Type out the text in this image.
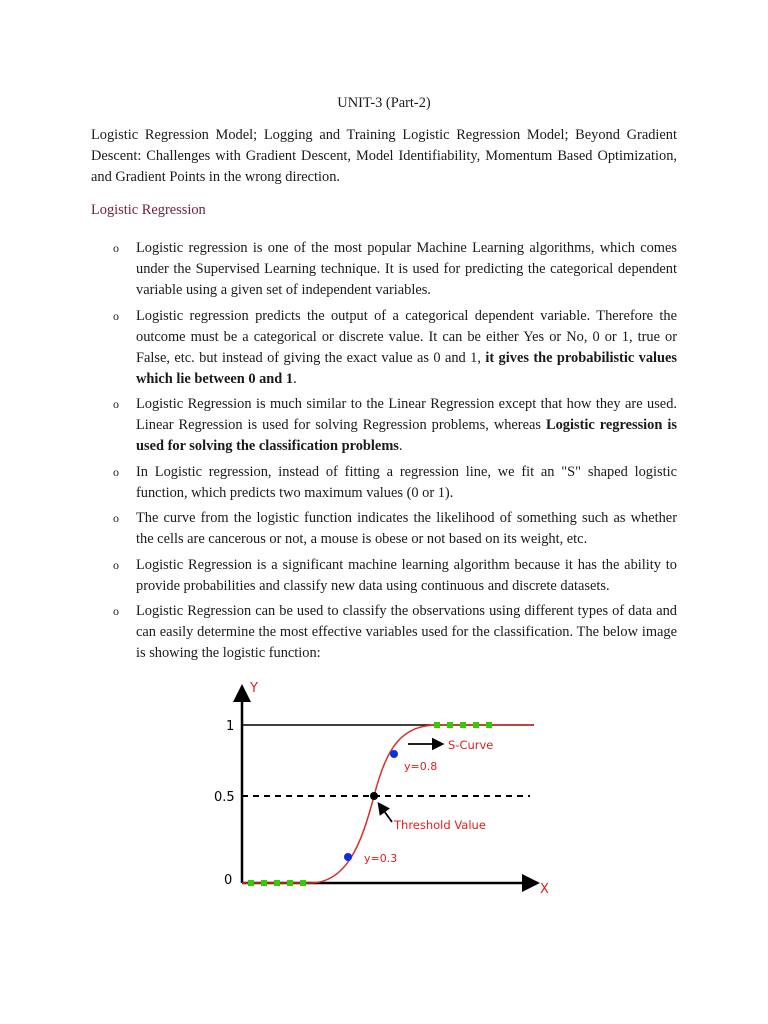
UNIT-3 (Part-2)
Logistic Regression Model; Logging and Training Logistic Regression Model; Beyond Gradient Descent: Challenges with Gradient Descent, Model Identifiability, Momentum Based Optimization, and Gradient Points in the wrong direction.
Logistic Regression
o Logistic regression is one of the most popular Machine Learning algorithms, which comes under the Supervised Learning technique. It is used for predicting the categorical dependent variable using a given set of independent variables.
o Logistic regression predicts the output of a categorical dependent variable. Therefore the outcome must be a categorical or discrete value. It can be either Yes or No, 0 or 1, true or False, etc. but instead of giving the exact value as 0 and 1, it gives the probabilistic values which lie between 0 and 1.
o Logistic Regression is much similar to the Linear Regression except that how they are used. Linear Regression is used for solving Regression problems, whereas Logistic regression is used for solving the classification problems.
o In Logistic regression, instead of fitting a regression line, we fit an "S" shaped logistic function, which predicts two maximum values (0 or 1).
o The curve from the logistic function indicates the likelihood of something such as whether the cells are cancerous or not, a mouse is obese or not based on its weight, etc.
o Logistic Regression is a significant machine learning algorithm because it has the ability to provide probabilities and classify new data using continuous and discrete datasets.
o Logistic Regression can be used to classify the observations using different types of data and can easily determine the most effective variables used for the classification. The below image is showing the logistic function:
Y
X
1
0.5
0
S-Curve
y=0.8
Threshold Value
y=0.3
